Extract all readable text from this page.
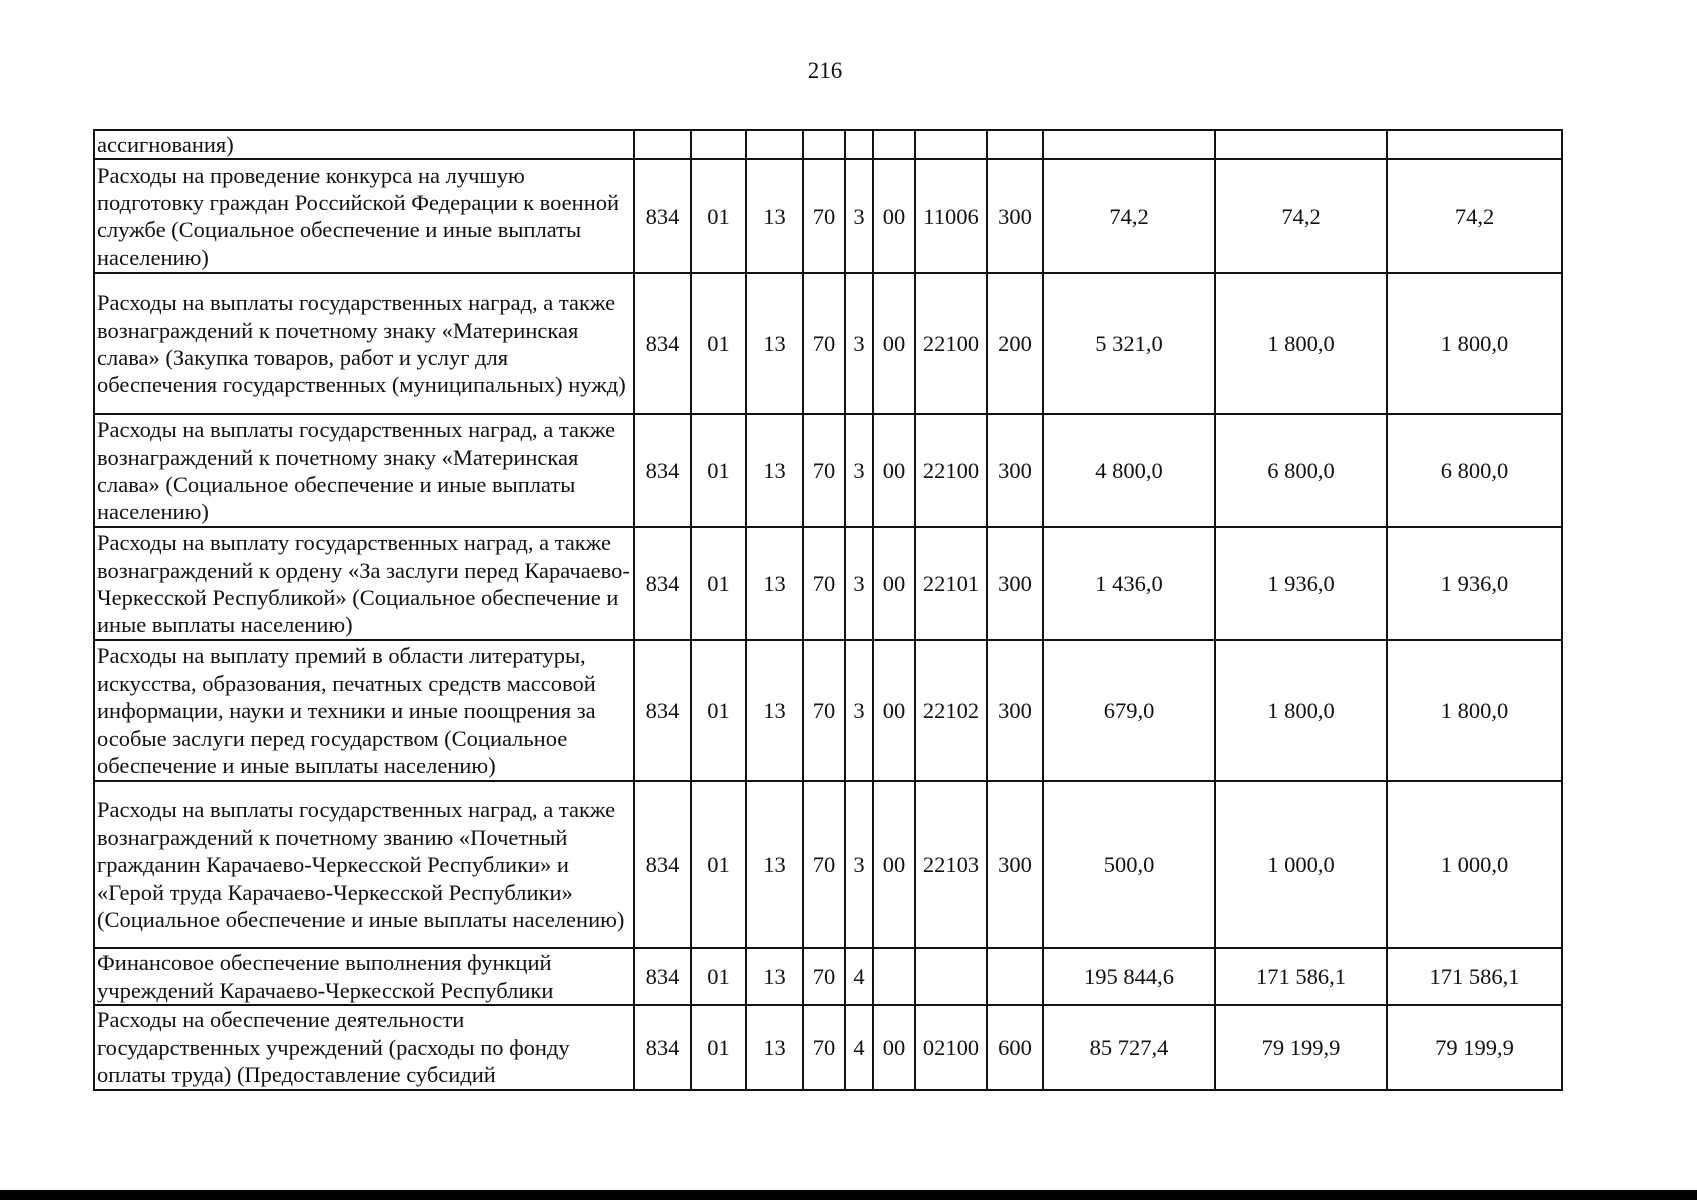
216
ассигнования)											
Расходы на проведение конкурса на лучшую подготовку граждан Российской Федерации к военной службе (Социальное обеспечение и иные выплаты населению)	834	01	13	70	3	00	11006	300	74,2	74,2	74,2
Расходы на выплаты государственных наград, а также вознаграждений к почетному знаку «Материнская слава» (Закупка товаров, работ и услуг для обеспечения государственных (муниципальных) нужд)	834	01	13	70	3	00	22100	200	5 321,0	1 800,0	1 800,0
Расходы на выплаты государственных наград, а также вознаграждений к почетному знаку «Материнская слава» (Социальное обеспечение и иные выплаты населению)	834	01	13	70	3	00	22100	300	4 800,0	6 800,0	6 800,0
Расходы на выплату государственных наград, а также вознаграждений к ордену «За заслуги перед Карачаево-Черкесской Республикой» (Социальное обеспечение и иные выплаты населению)	834	01	13	70	3	00	22101	300	1 436,0	1 936,0	1 936,0
Расходы на выплату премий в области литературы, искусства, образования, печатных средств массовой информации, науки и техники и иные поощрения за особые заслуги перед государством (Социальное обеспечение и иные выплаты населению)	834	01	13	70	3	00	22102	300	679,0	1 800,0	1 800,0
Расходы на выплаты государственных наград, а также вознаграждений к почетному званию «Почетный гражданин Карачаево-Черкесской Республики» и «Герой труда Карачаево-Черкесской Республики» (Социальное обеспечение и иные выплаты населению)	834	01	13	70	3	00	22103	300	500,0	1 000,0	1 000,0
Финансовое обеспечение выполнения функций учреждений Карачаево-Черкесской Республики	834	01	13	70	4				195 844,6	171 586,1	171 586,1
Расходы на обеспечение деятельности государственных учреждений (расходы по фонду оплаты труда) (Предоставление субсидий	834	01	13	70	4	00	02100	600	85 727,4	79 199,9	79 199,9
